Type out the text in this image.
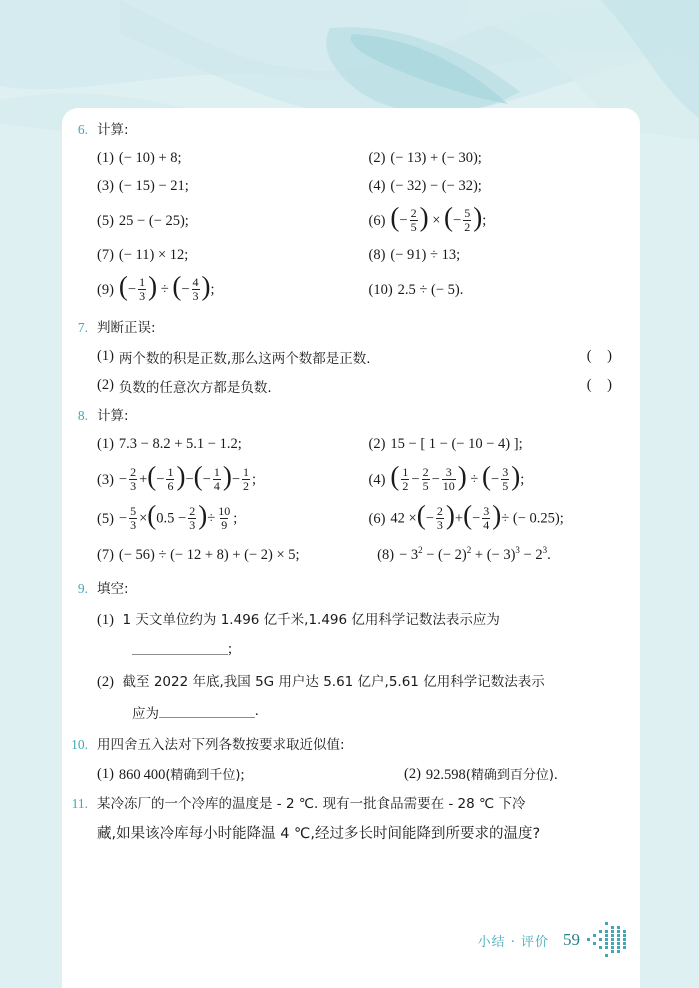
6. 计算:
(1) (− 10) + 8;	(2) (− 13) + (− 30);
(3) (− 15) − 21;	(4) (− 32) − (− 32);
(5) 25 − (− 25);	(6) (− $\frac{2}{5}$ ) × (− $\frac{5}{2}$ );
(7) (− 11) × 12;	(8) (− 91) ÷ 13;
(9) (− $\frac{1}{3}$ ) ÷ (− $\frac{4}{3}$ );	(10) 2.5 ÷ (− 5).
7. 判断正误:
(1) 两个数的积是正数,那么这两个数都是正数.	( )
(2) 负数的任意次方都是负数.	( )
8. 计算:
(1) 7.3 − 8.2 + 5.1 − 1.2;	(2) 15 − [ 1 − (− 10 − 4) ];
$(3) - \frac{2}{3}$ +(− $\frac{1}{6}$ )−(− $\frac{1}{4}$ )− $\frac{1}{2}$ ;	(4) ( $\frac{1}{2} - \frac{2}{5} - \frac{3}{10}$ ) ÷ (− $\frac{3}{5}$ );
$(5) - \frac{5}{3} \times(0.5 - \frac{2}{3}$ )÷ $\frac{10}{9}$ ;	(6) 42 ×(− $\frac{2}{3}$ )+(− $\frac{3}{4}$ )÷ (− 0.25);
(7) (− 56) ÷ (− 12 + 8) + (− 2) × 5;	$(8) - 3^2$ − (− 2)$^2$ + (− $3)^3 - 2^3$.
9. 填空:
(1) 1 天文单位约为 1.496 亿千米,1.496 亿用科学记数法表示应为
;
(2) 截至 2022 年底,我国 5G 用户达 5.61 亿户,5.61 亿用科学记数法表示
应为	.
10. 用四舍五入法对下列各数按要求取近似值:
(1) 860 400(精确到千位);	(2) 92.598(精确到百分位).
11. 某冷冻厂的一个冷库的温度是 - 2 ℃. 现有一批食品需要在 - 28 ℃ 下冷
藏,如果该冷库每小时能降温 4 ℃,经过多长时间能降到所要求的温度?
小结 · 评价 59
